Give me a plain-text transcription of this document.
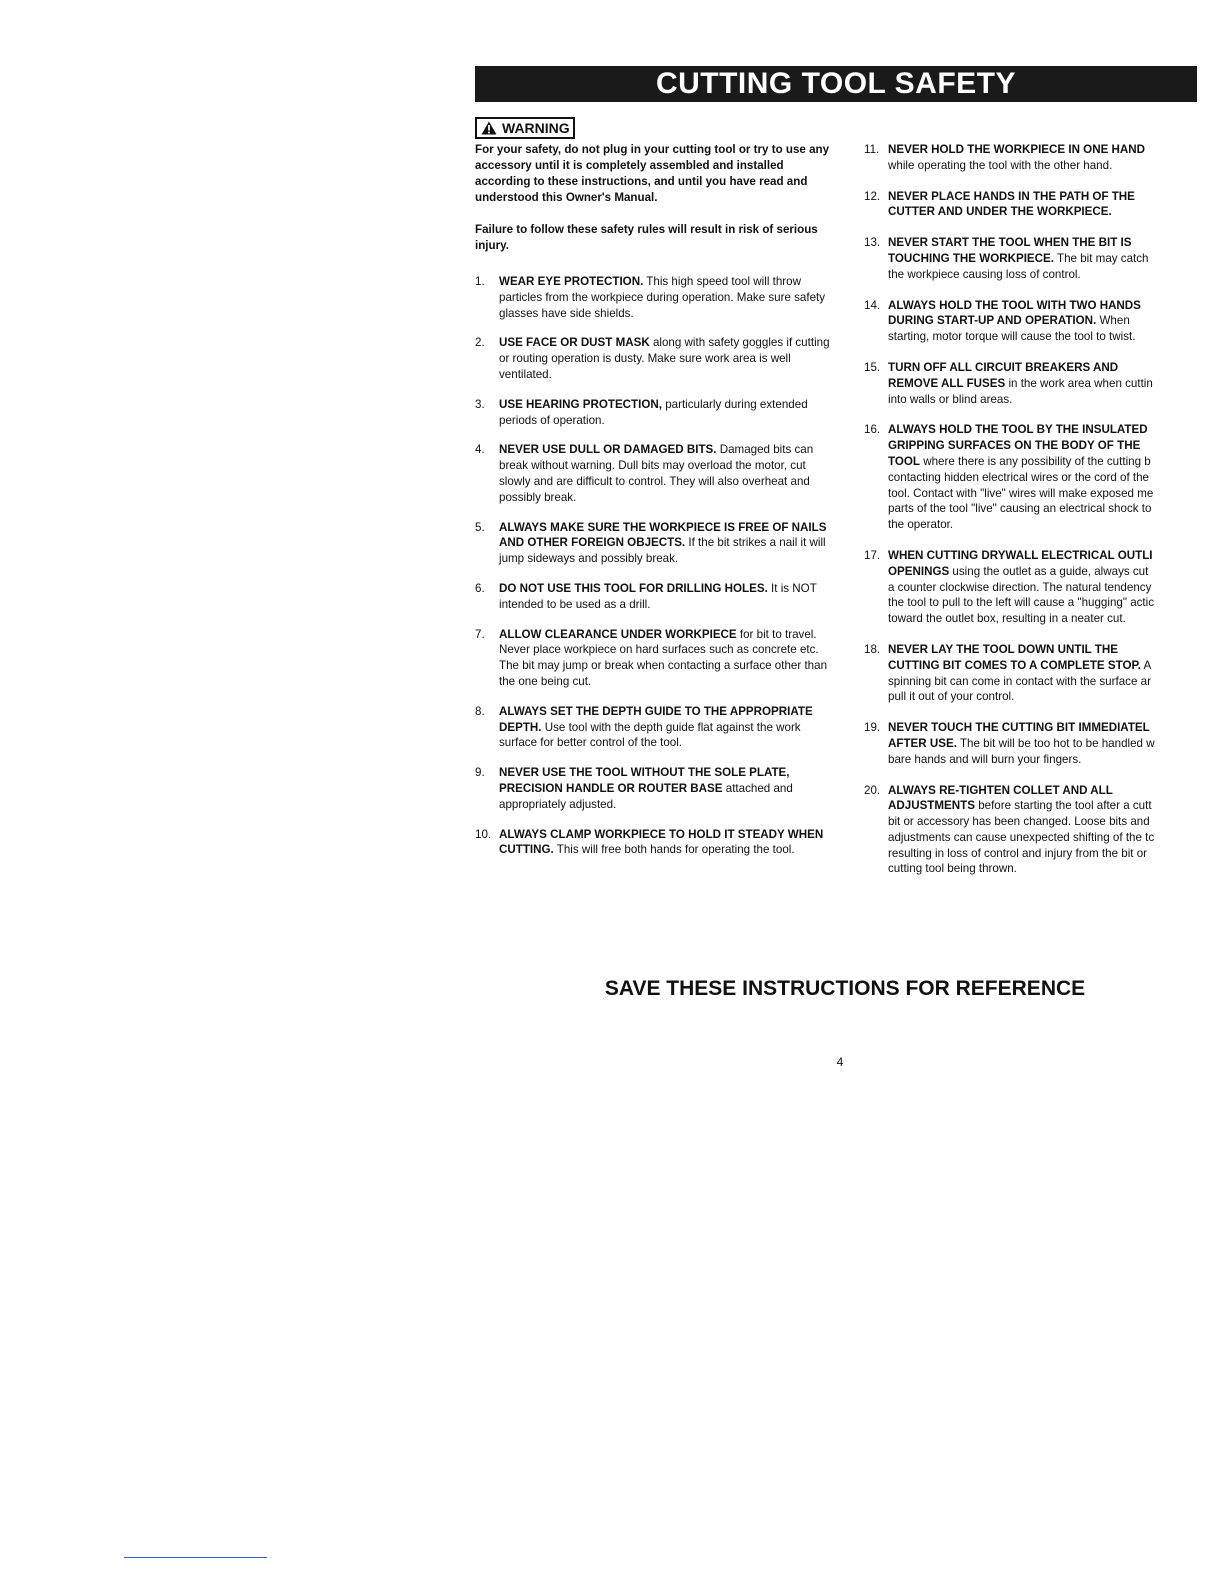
CUTTING TOOL SAFETY
WARNING

For your safety, do not plug in your cutting tool or try to use any accessory until it is completely assembled and installed according to these instructions, and until you have read and understood this Owner's Manual.

Failure to follow these safety rules will result in risk of serious injury.

1.	WEAR EYE PROTECTION. This high speed tool will throw particles from the workpiece during operation. Make sure safety glasses have side shields.
2.	USE FACE OR DUST MASK along with safety goggles if cutting or routing operation is dusty. Make sure work area is well ventilated.
3.	USE HEARING PROTECTION, particularly during extended periods of operation.
4.	NEVER USE DULL OR DAMAGED BITS. Damaged bits can break without warning. Dull bits may overload the motor, cut slowly and are difficult to control. They will also overheat and possibly break.
5.	ALWAYS MAKE SURE THE WORKPIECE IS FREE OF NAILS AND OTHER FOREIGN OBJECTS. If the bit strikes a nail it will jump sideways and possibly break.
6.	DO NOT USE THIS TOOL FOR DRILLING HOLES. It is NOT intended to be used as a drill.
7.	ALLOW CLEARANCE UNDER WORKPIECE for bit to travel. Never place workpiece on hard surfaces such as concrete etc. The bit may jump or break when contacting a surface other than the one being cut.
8.	ALWAYS SET THE DEPTH GUIDE TO THE APPROPRIATE DEPTH. Use tool with the depth guide flat against the work surface for better control of the tool.
9.	NEVER USE THE TOOL WITHOUT THE SOLE PLATE, PRECISION HANDLE OR ROUTER BASE attached and appropriately adjusted.
10. ALWAYS CLAMP WORKPIECE TO HOLD IT STEADY WHEN CUTTING. This will free both hands for operating the tool.
11. NEVER HOLD THE WORKPIECE IN ONE HAND
while operating the tool with the other hand.
12. NEVER PLACE HANDS IN THE PATH OF THE
CUTTER AND UNDER THE WORKPIECE.
13. NEVER START THE TOOL WHEN THE BIT IS
TOUCHING THE WORKPIECE. The bit may catch
the workpiece causing loss of control.
14. ALWAYS HOLD THE TOOL WITH TWO HANDS
DURING START-UP AND OPERATION. When
starting, motor torque will cause the tool to twist.
15. TURN OFF ALL CIRCUIT BREAKERS AND
REMOVE ALL FUSES in the work area when cuttin
into walls or blind areas.
16. ALWAYS HOLD THE TOOL BY THE INSULATED
GRIPPING SURFACES ON THE BODY OF THE
TOOL where there is any possibility of the cutting b
contacting hidden electrical wires or the cord of the
tool. Contact with "live" wires will make exposed me
parts of the tool "live" causing an electrical shock to
the operator.
17. WHEN CUTTING DRYWALL ELECTRICAL OUTLI
OPENINGS using the outlet as a guide, always cut
a counter clockwise direction. The natural tendency
the tool to pull to the left will cause a "hugging" actic
toward the outlet box, resulting in a neater cut.
18. NEVER LAY THE TOOL DOWN UNTIL THE
CUTTING BIT COMES TO A COMPLETE STOP. A
spinning bit can come in contact with the surface ar
pull it out of your control.
19. NEVER TOUCH THE CUTTING BIT IMMEDIATEL
AFTER USE. The bit will be too hot to be handled w
bare hands and will burn your fingers.
20. ALWAYS RE-TIGHTEN COLLET AND ALL
ADJUSTMENTS before starting the tool after a cutt
bit or accessory has been changed. Loose bits and
adjustments can cause unexpected shifting of the tc
resulting in loss of control and injury from the bit or
cutting tool being thrown.
SAVE THESE INSTRUCTIONS FOR REFERENCE
4
